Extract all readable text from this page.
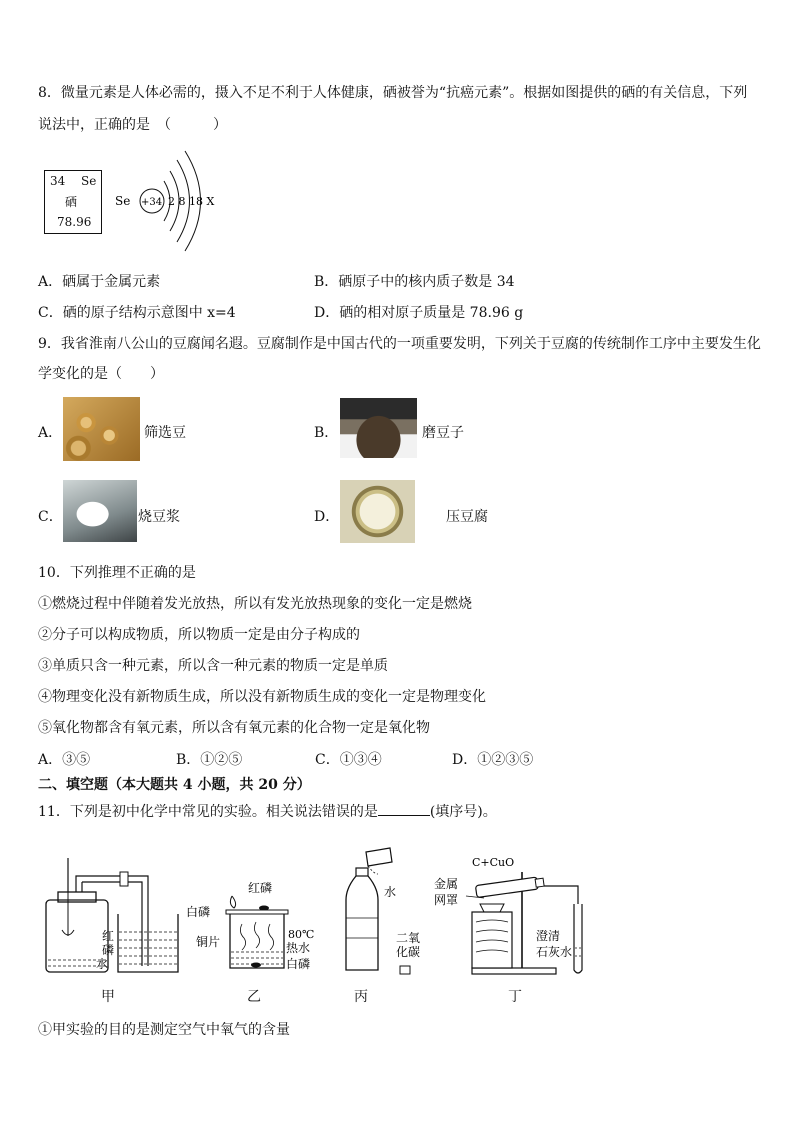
8．微量元素是人体必需的，摄入不足不利于人体健康，硒被誉为“抗癌元素”。根据如图提供的硒的有关信息，下列
说法中，正确的是　（　　　）
34 Se
硒
78.96
Se +34 2 8 18 X
A．硒属于金属元素	B．硒原子中的核内质子数是 34
C．硒的原子结构示意图中 x=4	D．硒的相对原子质量是 78.96 g
9．我省淮南八公山的豆腐闻名遐。豆腐制作是中国古代的一项重要发明，下列关于豆腐的传统制作工序中主要发生化
学变化的是（　　）
A．	筛选豆	B．	磨豆子
C．	烧豆浆	D．	压豆腐
10．下列推理不正确的是
①燃烧过程中伴随着发光放热，所以有发光放热现象的变化一定是燃烧
②分子可以构成物质，所以物质一定是由分子构成的
③单质只含一种元素，所以含一种元素的物质一定是单质
④物理变化没有新物质生成，所以没有新物质生成的变化一定是物理变化
⑤氧化物都含有氧元素，所以含有氧元素的化合物一定是氧化物
A．③⑤	B．①②⑤	C．①③④	D．①②③⑤
二、填空题（本大题共 4 小题，共 20 分）
11．下列是初中化学中常见的实验。相关说法错误的是	(填序号)。
红
磷
水
甲
红磷
白磷
铜片
80℃
热水
白磷
乙
水
二氧
化碳
丙
C+CuO
金属
网罩
澄清
石灰水
丁
①甲实验的目的是测定空气中氧气的含量
